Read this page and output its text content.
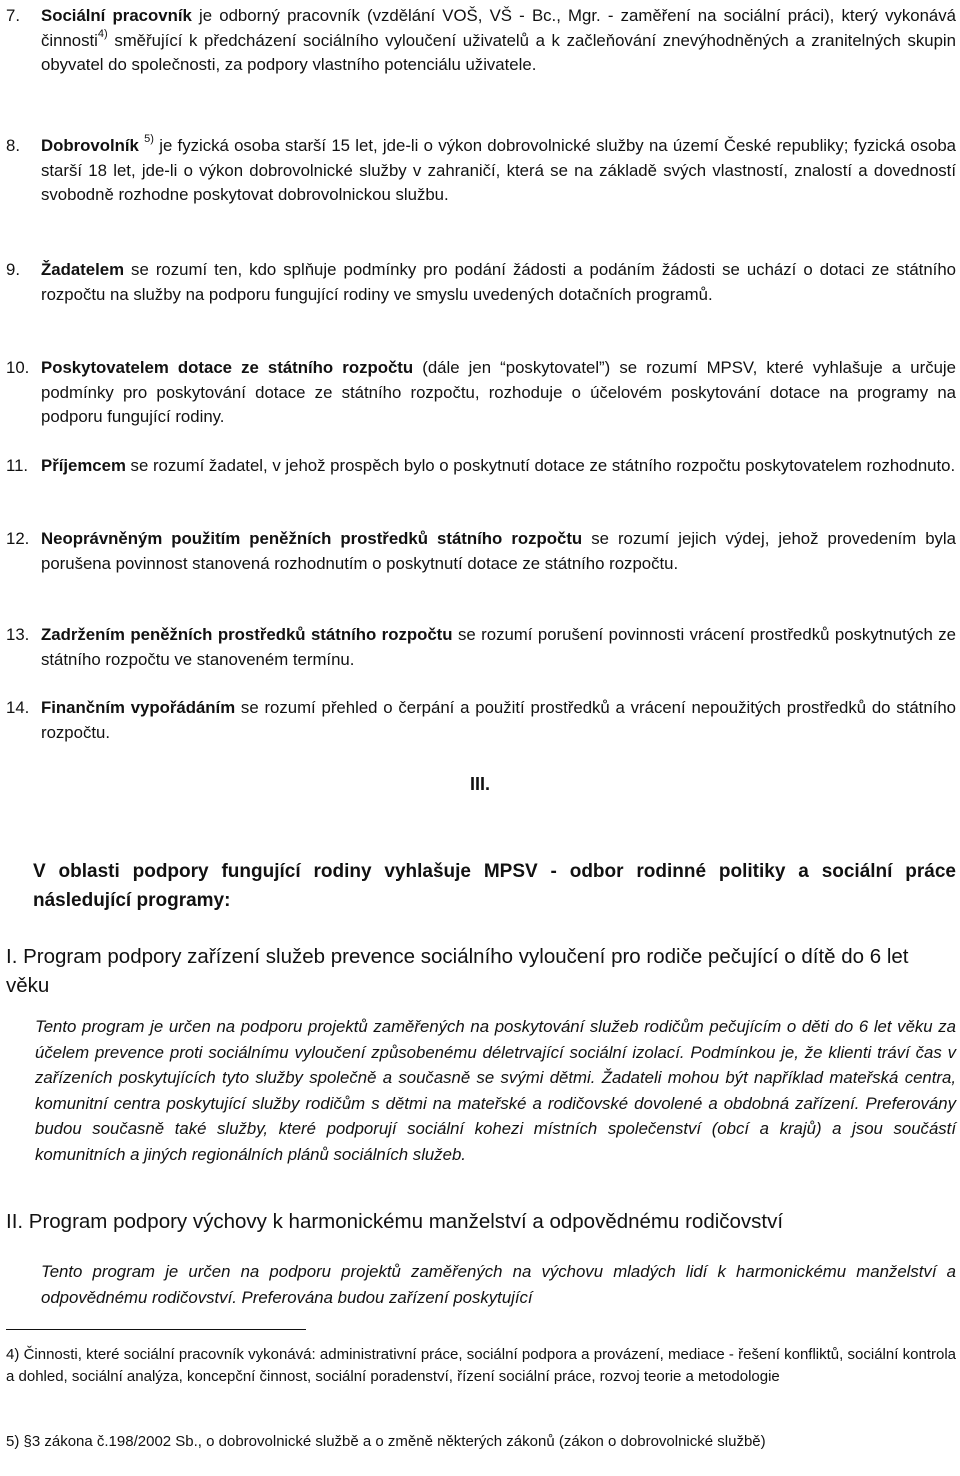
7. Sociální pracovník je odborný pracovník (vzdělání VOŠ, VŠ - Bc., Mgr. - zaměření na sociální práci), který vykonává činnosti$^{4)}$ směřující k předcházení sociálního vyloučení uživatelů a k začleňování znevýhodněných a zranitelných skupin obyvatel do společnosti, za podpory vlastního potenciálu uživatele.
8. Dobrovolník $^{5)}$ je fyzická osoba starší 15 let, jde-li o výkon dobrovolnické služby na území České republiky; fyzická osoba starší 18 let, jde-li o výkon dobrovolnické služby v zahraničí, která se na základě svých vlastností, znalostí a dovedností svobodně rozhodne poskytovat dobrovolnickou službu.
9. Žadatelem se rozumí ten, kdo splňuje podmínky pro podání žádosti a podáním žádosti se uchází o dotaci ze státního rozpočtu na služby na podporu fungující rodiny ve smyslu uvedených dotačních programů.
10. Poskytovatelem dotace ze státního rozpočtu (dále jen “poskytovatel”) se rozumí MPSV, které vyhlašuje a určuje podmínky pro poskytování dotace ze státního rozpočtu, rozhoduje o účelovém poskytování dotace na programy na podporu fungující rodiny.
11. Příjemcem se rozumí žadatel, v jehož prospěch bylo o poskytnutí dotace ze státního rozpočtu poskytovatelem rozhodnuto.
12. Neoprávněným použitím peněžních prostředků státního rozpočtu se rozumí jejich výdej, jehož provedením byla porušena povinnost stanovená rozhodnutím o poskytnutí dotace ze státního rozpočtu.
13. Zadržením peněžních prostředků státního rozpočtu se rozumí porušení povinnosti vrácení prostředků poskytnutých ze státního rozpočtu ve stanoveném termínu.
14. Finančním vypořádáním se rozumí přehled o čerpání a použití prostředků a vrácení nepoužitých prostředků do státního rozpočtu.
III.
V oblasti podpory fungující rodiny vyhlašuje MPSV - odbor rodinné politiky a sociální práce následující programy:
I. Program podpory zařízení služeb prevence sociálního vyloučení pro rodiče pečující o dítě do 6 let věku
Tento program je určen na podporu projektů zaměřených na poskytování služeb rodičům pečujícím o děti do 6 let věku za účelem prevence proti sociálnímu vyloučení způsobenému déletrvající sociální izolací. Podmínkou je, že klienti tráví čas v zařízeních poskytujících tyto služby společně a současně se svými dětmi. Žadateli mohou být například mateřská centra, komunitní centra poskytující služby rodičům s dětmi na mateřské a rodičovské dovolené a obdobná zařízení. Preferovány budou současně také služby, které podporují sociální kohezi místních společenství (obcí a krajů) a jsou součástí komunitních a jiných regionálních plánů sociálních služeb.
II. Program podpory výchovy k harmonickému manželství a odpovědnému rodičovství
Tento program je určen na podporu projektů zaměřených na výchovu mladých lidí k harmonickému manželství a odpovědnému rodičovství. Preferována budou zařízení poskytující
4) Činnosti, které sociální pracovník vykonává: administrativní práce, sociální podpora a provázení, mediace - řešení konfliktů, sociální kontrola a dohled, sociální analýza, koncepční činnost, sociální poradenství, řízení sociální práce, rozvoj teorie a metodologie
5) §3 zákona č.198/2002 Sb., o dobrovolnické službě a o změně některých zákonů (zákon o dobrovolnické službě)
